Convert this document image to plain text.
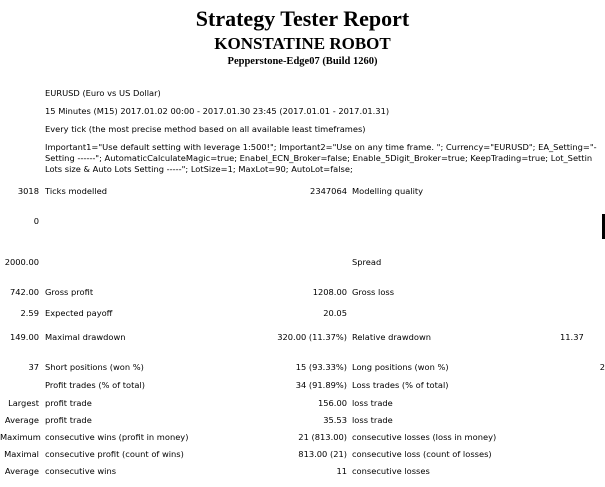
Strategy Tester Report
KONSTATINE ROBOT
Pepperstone-Edge07 (Build 1260)
EURUSD (Euro vs US Dollar)
15 Minutes (M15) 2017.01.02 00:00 - 2017.01.30 23:45 (2017.01.01 - 2017.01.31)
Every tick (the most precise method based on all available least timeframes)
Important1="Use default setting with leverage 1:500!"; Important2="Use on any time frame. "; Currency="EURUSD"; EA_Setting="-
Setting ------"; AutomaticCalculateMagic=true; Enabel_ECN_Broker=false; Enable_5Digit_Broker=true; KeepTrading=true; Lot_Settin
Lots size & Auto Lots Setting -----"; LotSize=1; MaxLot=90; AutoLot=false;
3018 Ticks modelled	2347064 Modelling quality
0
2000.00	Spread
742.00 Gross profit	1208.00 Gross loss
2.59 Expected payoff	20.05
149.00 Maximal drawdown	320.00 (11.37%) Relative drawdown	11.37
37 Short positions (won %)	15 (93.33%) Long positions (won %)	2
Profit trades (% of total)	34 (91.89%) Loss trades (% of total)
Largest profit trade	156.00 loss trade
Average profit trade	35.53 loss trade
Maximum consecutive wins (profit in money)	21 (813.00) consecutive losses (loss in money)
Maximal consecutive profit (count of wins)	813.00 (21) consecutive loss (count of losses)
Average consecutive wins	11 consecutive losses
